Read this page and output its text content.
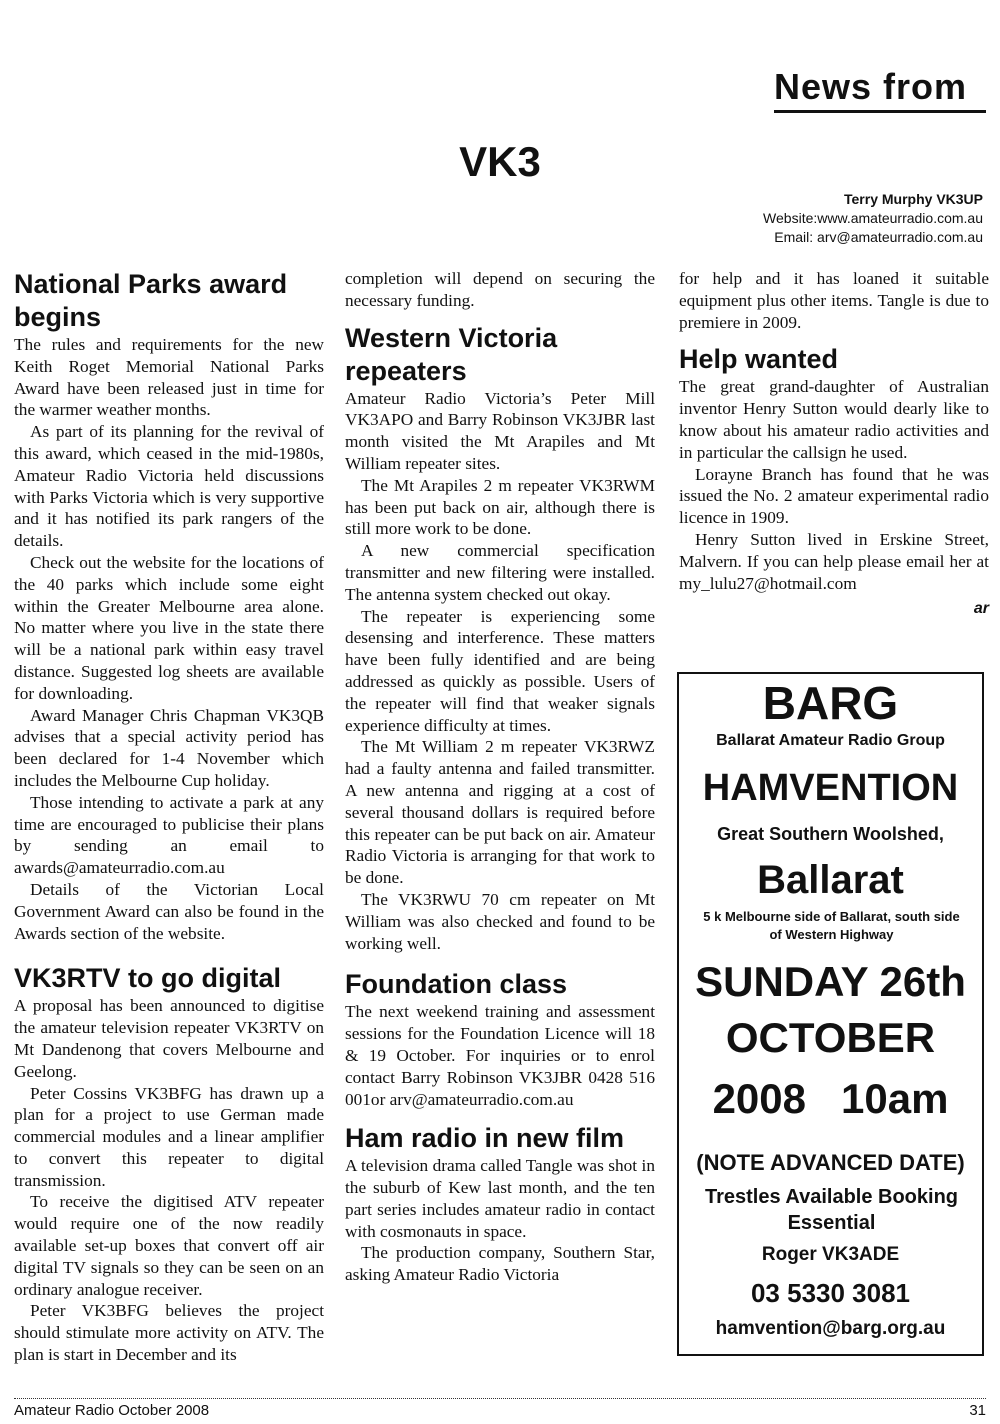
News from
VK3
Terry Murphy VK3UP
Website:www.amateurradio.com.au
Email: arv@amateurradio.com.au
National Parks award begins

The rules and requirements for the new Keith Roget Memorial National Parks Award have been released just in time for the warmer weather months.

As part of its planning for the revival of this award, which ceased in the mid-1980s, Amateur Radio Victoria held discussions with Parks Victoria which is very supportive and it has notified its park rangers of the details.

Check out the website for the locations of the 40 parks which include some eight within the Greater Melbourne area alone. No matter where you live in the state there will be a national park within easy travel distance. Suggested log sheets are available for downloading.

Award Manager Chris Chapman VK3QB advises that a special activity period has been declared for 1-4 November which includes the Melbourne Cup holiday.

Those intending to activate a park at any time are encouraged to publicise their plans by sending an email to awards@amateurradio.com.au

Details of the Victorian Local Government Award can also be found in the Awards section of the website.

VK3RTV to go digital

A proposal has been announced to digitise the amateur television repeater VK3RTV on Mt Dandenong that covers Melbourne and Geelong.

Peter Cossins VK3BFG has drawn up a plan for a project to use German made commercial modules and a linear amplifier to convert this repeater to digital transmission.

To receive the digitised ATV repeater would require one of the now readily available set-up boxes that convert off air digital TV signals so they can be seen on an ordinary analogue receiver.

Peter VK3BFG believes the project should stimulate more activity on ATV. The plan is start in December and its

completion will depend on securing the necessary funding.

Western Victoria repeaters

Amateur Radio Victoria’s Peter Mill VK3APO and Barry Robinson VK3JBR last month visited the Mt Arapiles and Mt William repeater sites.

The Mt Arapiles 2 m repeater VK3RWM has been put back on air, although there is still more work to be done.

A new commercial specification transmitter and new filtering were installed. The antenna system checked out okay.

The repeater is experiencing some desensing and interference. These matters have been fully identified and are being addressed as quickly as possible. Users of the repeater will find that weaker signals experience difficulty at times.

The Mt William 2 m repeater VK3RWZ had a faulty antenna and failed transmitter. A new antenna and rigging at a cost of several thousand dollars is required before this repeater can be put back on air. Amateur Radio Victoria is arranging for that work to be done.

The VK3RWU 70 cm repeater on Mt William was also checked and found to be working well.

Foundation class

The next weekend training and assessment sessions for the Foundation Licence will 18 & 19 October. For inquiries or to enrol contact Barry Robinson VK3JBR 0428 516 001or arv@amateurradio.com.au

Ham radio in new film

A television drama called Tangle was shot in the suburb of Kew last month, and the ten part series includes amateur radio in contact with cosmonauts in space.

The production company, Southern Star, asking Amateur Radio Victoria

for help and it has loaned it suitable equipment plus other items. Tangle is due to premiere in 2009.

Help wanted

The great grand-daughter of Australian inventor Henry Sutton would dearly like to know about his amateur radio activities and in particular the callsign he used.

Lorayne Branch has found that he was issued the No. 2 amateur experimental radio licence in 1909.

Henry Sutton lived in Erskine Street, Malvern. If you can help please email her at my_lulu27@hotmail.com

ar
BARG
Ballarat Amateur Radio Group
HAMVENTION
Great Southern Woolshed,
Ballarat
5 k Melbourne side of Ballarat, south side of Western Highway
SUNDAY 26th
OCTOBER
2008   10am
(NOTE ADVANCED DATE)
Trestles Available Booking Essential
Roger VK3ADE
03 5330 3081
hamvention@barg.org.au
Amateur Radio October 2008	31
